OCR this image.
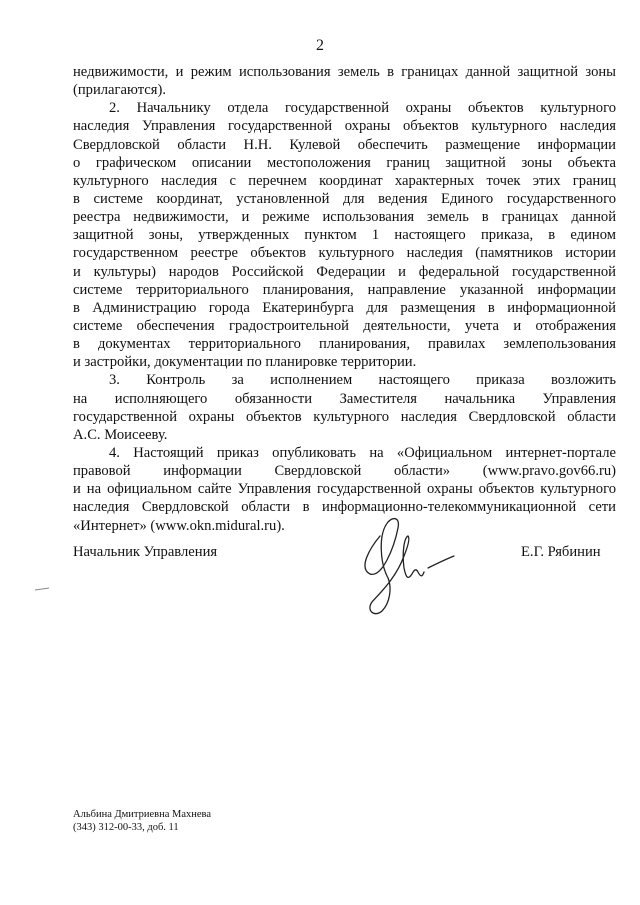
2
недвижимости, и режим использования земель в границах данной защитной зоны
(прилагаются).
2. Начальнику отдела государственной охраны объектов культурного
наследия Управления государственной охраны объектов культурного наследия
Свердловской области Н.Н. Кулевой обеспечить размещение информации
о графическом описании местоположения границ защитной зоны объекта
культурного наследия с перечнем координат характерных точек этих границ
в системе координат, установленной для ведения Единого государственного
реестра недвижимости, и режиме использования земель в границах данной
защитной зоны, утвержденных пунктом 1 настоящего приказа, в едином
государственном реестре объектов культурного наследия (памятников истории
и культуры) народов Российской Федерации и федеральной государственной
системе территориального планирования, направление указанной информации
в Администрацию города Екатеринбурга для размещения в информационной
системе обеспечения градостроительной деятельности, учета и отображения
в документах территориального планирования, правилах землепользования
и застройки, документации по планировке территории.
3. Контроль за исполнением настоящего приказа возложить
на исполняющего обязанности Заместителя начальника Управления
государственной охраны объектов культурного наследия Свердловской области
А.С. Моисееву.
4. Настоящий приказ опубликовать на «Официальном интернет-портале
правовой информации Свердловской области» (www.pravo.gov66.ru)
и на официальном сайте Управления государственной охраны объектов культурного
наследия Свердловской области в информационно-телекоммуникационной сети
«Интернет» (www.okn.midural.ru).
Начальник Управления	Е.Г. Рябинин
Альбина Дмитриевна Махнева
(343) 312-00-33, доб. 11
